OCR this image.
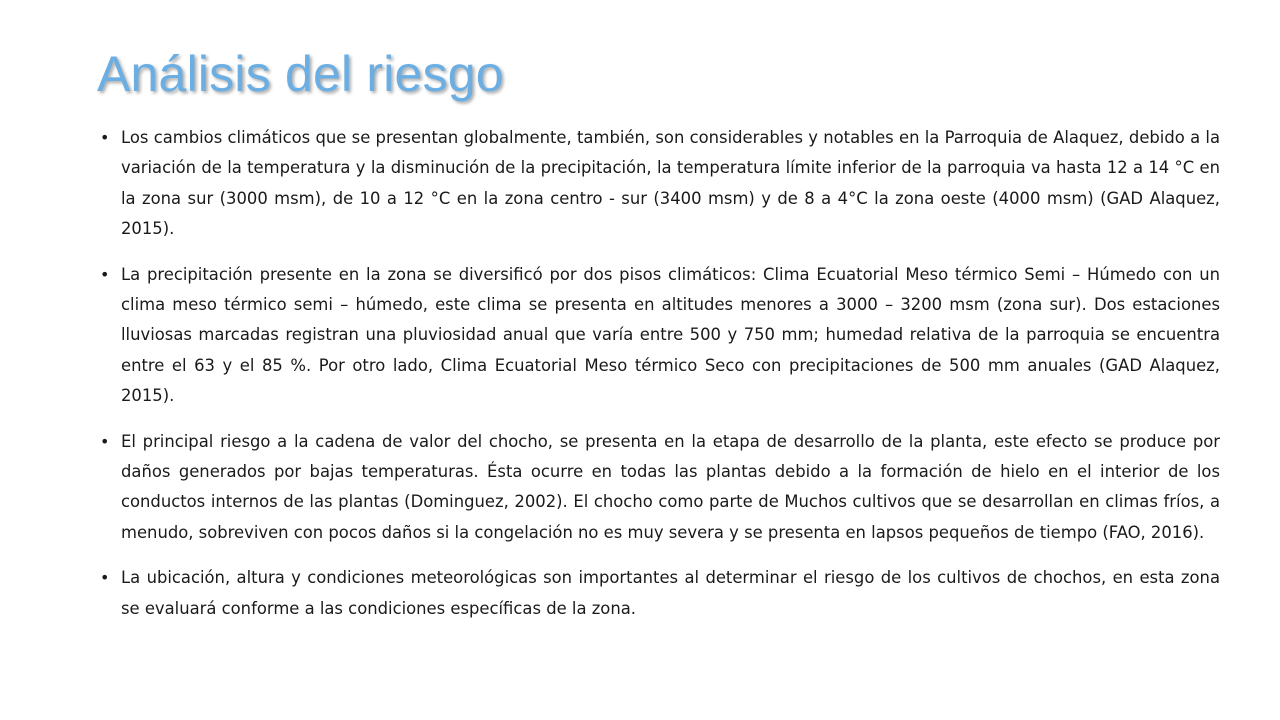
Análisis del riesgo
• Los cambios climáticos que se presentan globalmente, también, son considerables y notables en la Parroquia de Alaquez, debido a la variación de la temperatura y la disminución de la precipitación, la temperatura límite inferior de la parroquia va hasta 12 a 14 °C en la zona sur (3000 msm), de 10 a 12 °C en la zona centro - sur (3400 msm) y de 8 a 4°C la zona oeste (4000 msm) (GAD Alaquez, 2015).
• La precipitación presente en la zona se diversificó por dos pisos climáticos: Clima Ecuatorial Meso térmico Semi – Húmedo con un clima meso térmico semi – húmedo, este clima se presenta en altitudes menores a 3000 – 3200 msm (zona sur). Dos estaciones lluviosas marcadas registran una pluviosidad anual que varía entre 500 y 750 mm; humedad relativa de la parroquia se encuentra entre el 63 y el 85 %. Por otro lado, Clima Ecuatorial Meso térmico Seco con precipitaciones de 500 mm anuales (GAD Alaquez, 2015).
• El principal riesgo a la cadena de valor del chocho, se presenta en la etapa de desarrollo de la planta, este efecto se produce por daños generados por bajas temperaturas. Ésta ocurre en todas las plantas debido a la formación de hielo en el interior de los conductos internos de las plantas (Dominguez, 2002). El chocho como parte de Muchos cultivos que se desarrollan en climas fríos, a menudo, sobreviven con pocos daños si la congelación no es muy severa y se presenta en lapsos pequeños de tiempo (FAO, 2016).
• La ubicación, altura y condiciones meteorológicas son importantes al determinar el riesgo de los cultivos de chochos, en esta zona se evaluará conforme a las condiciones específicas de la zona.
